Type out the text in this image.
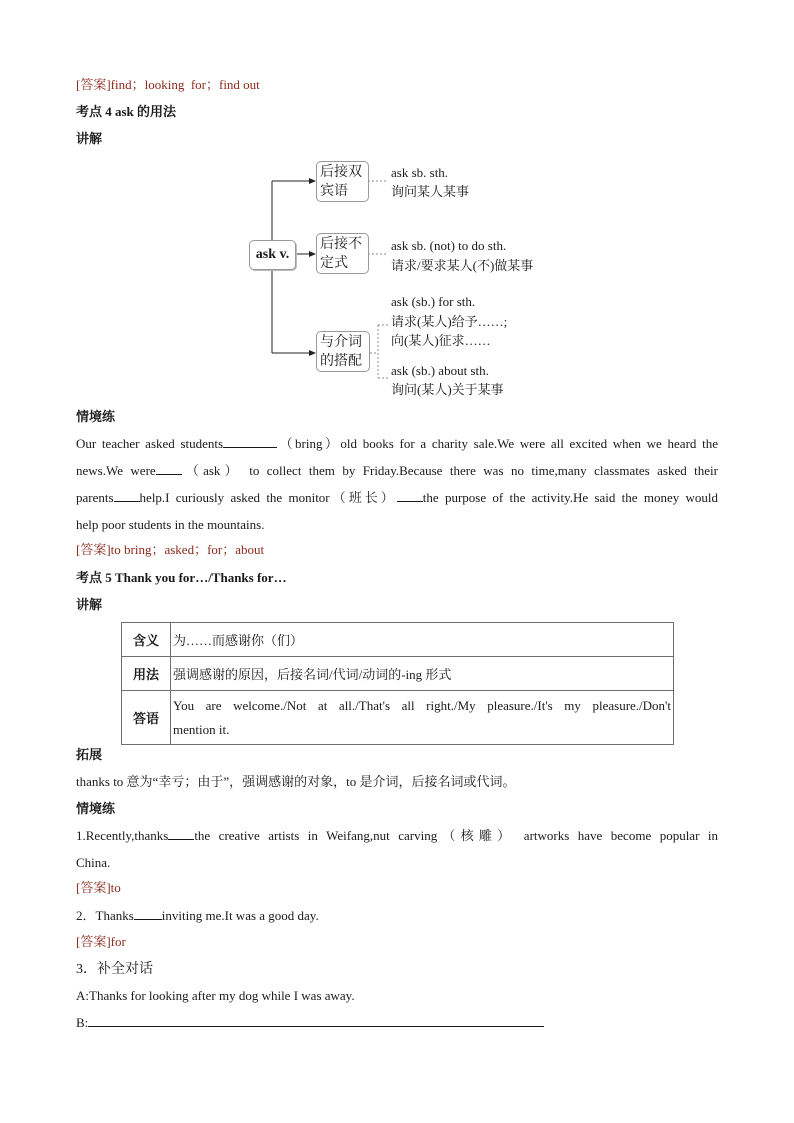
[答案]find；looking  for；find out
考点 4 ask 的用法
讲解
ask v.
后接双宾语
ask sb. sth.
询问某人某事
后接不定式
ask sb. (not) to do sth.
请求/要求某人(不)做某事
与介词的搭配
ask (sb.) for sth.
请求(某人)给予……;
向(某人)征求……
ask (sb.) about sth.
询问(某人)关于某事
情境练
Our teacher asked students	（bring）old books for a charity sale.We were all excited when we heard the
news.We were （ask） to collect them by Friday.Because there was no time,many classmates asked their
parents help.I curiously asked the monitor（班长） the purpose of the activity.He said the money would
help poor students in the mountains.
[答案]to bring；asked；for；about
考点 5 Thank you for…/Thanks for…
讲解
含义	为……而感谢你（们）
用法	强调感谢的原因，后接名词/代词/动词的-ing 形式
答语	You  are  welcome./Not  at  all./That's  all  right./My  pleasure./It's  my  pleasure./Don't
mention it.
拓展
thanks to 意为“幸亏；由于”，强调感谢的对象，to 是介词，后接名词或代词。
情境练
1.Recently,thanks the creative artists in Weifang,nut carving（核雕） artworks have become popular in
China.
[答案]to
2．Thanks inviting me.It was a good day.
[答案]for
3．补全对话
A:Thanks for looking after my dog while I was away.
B:
